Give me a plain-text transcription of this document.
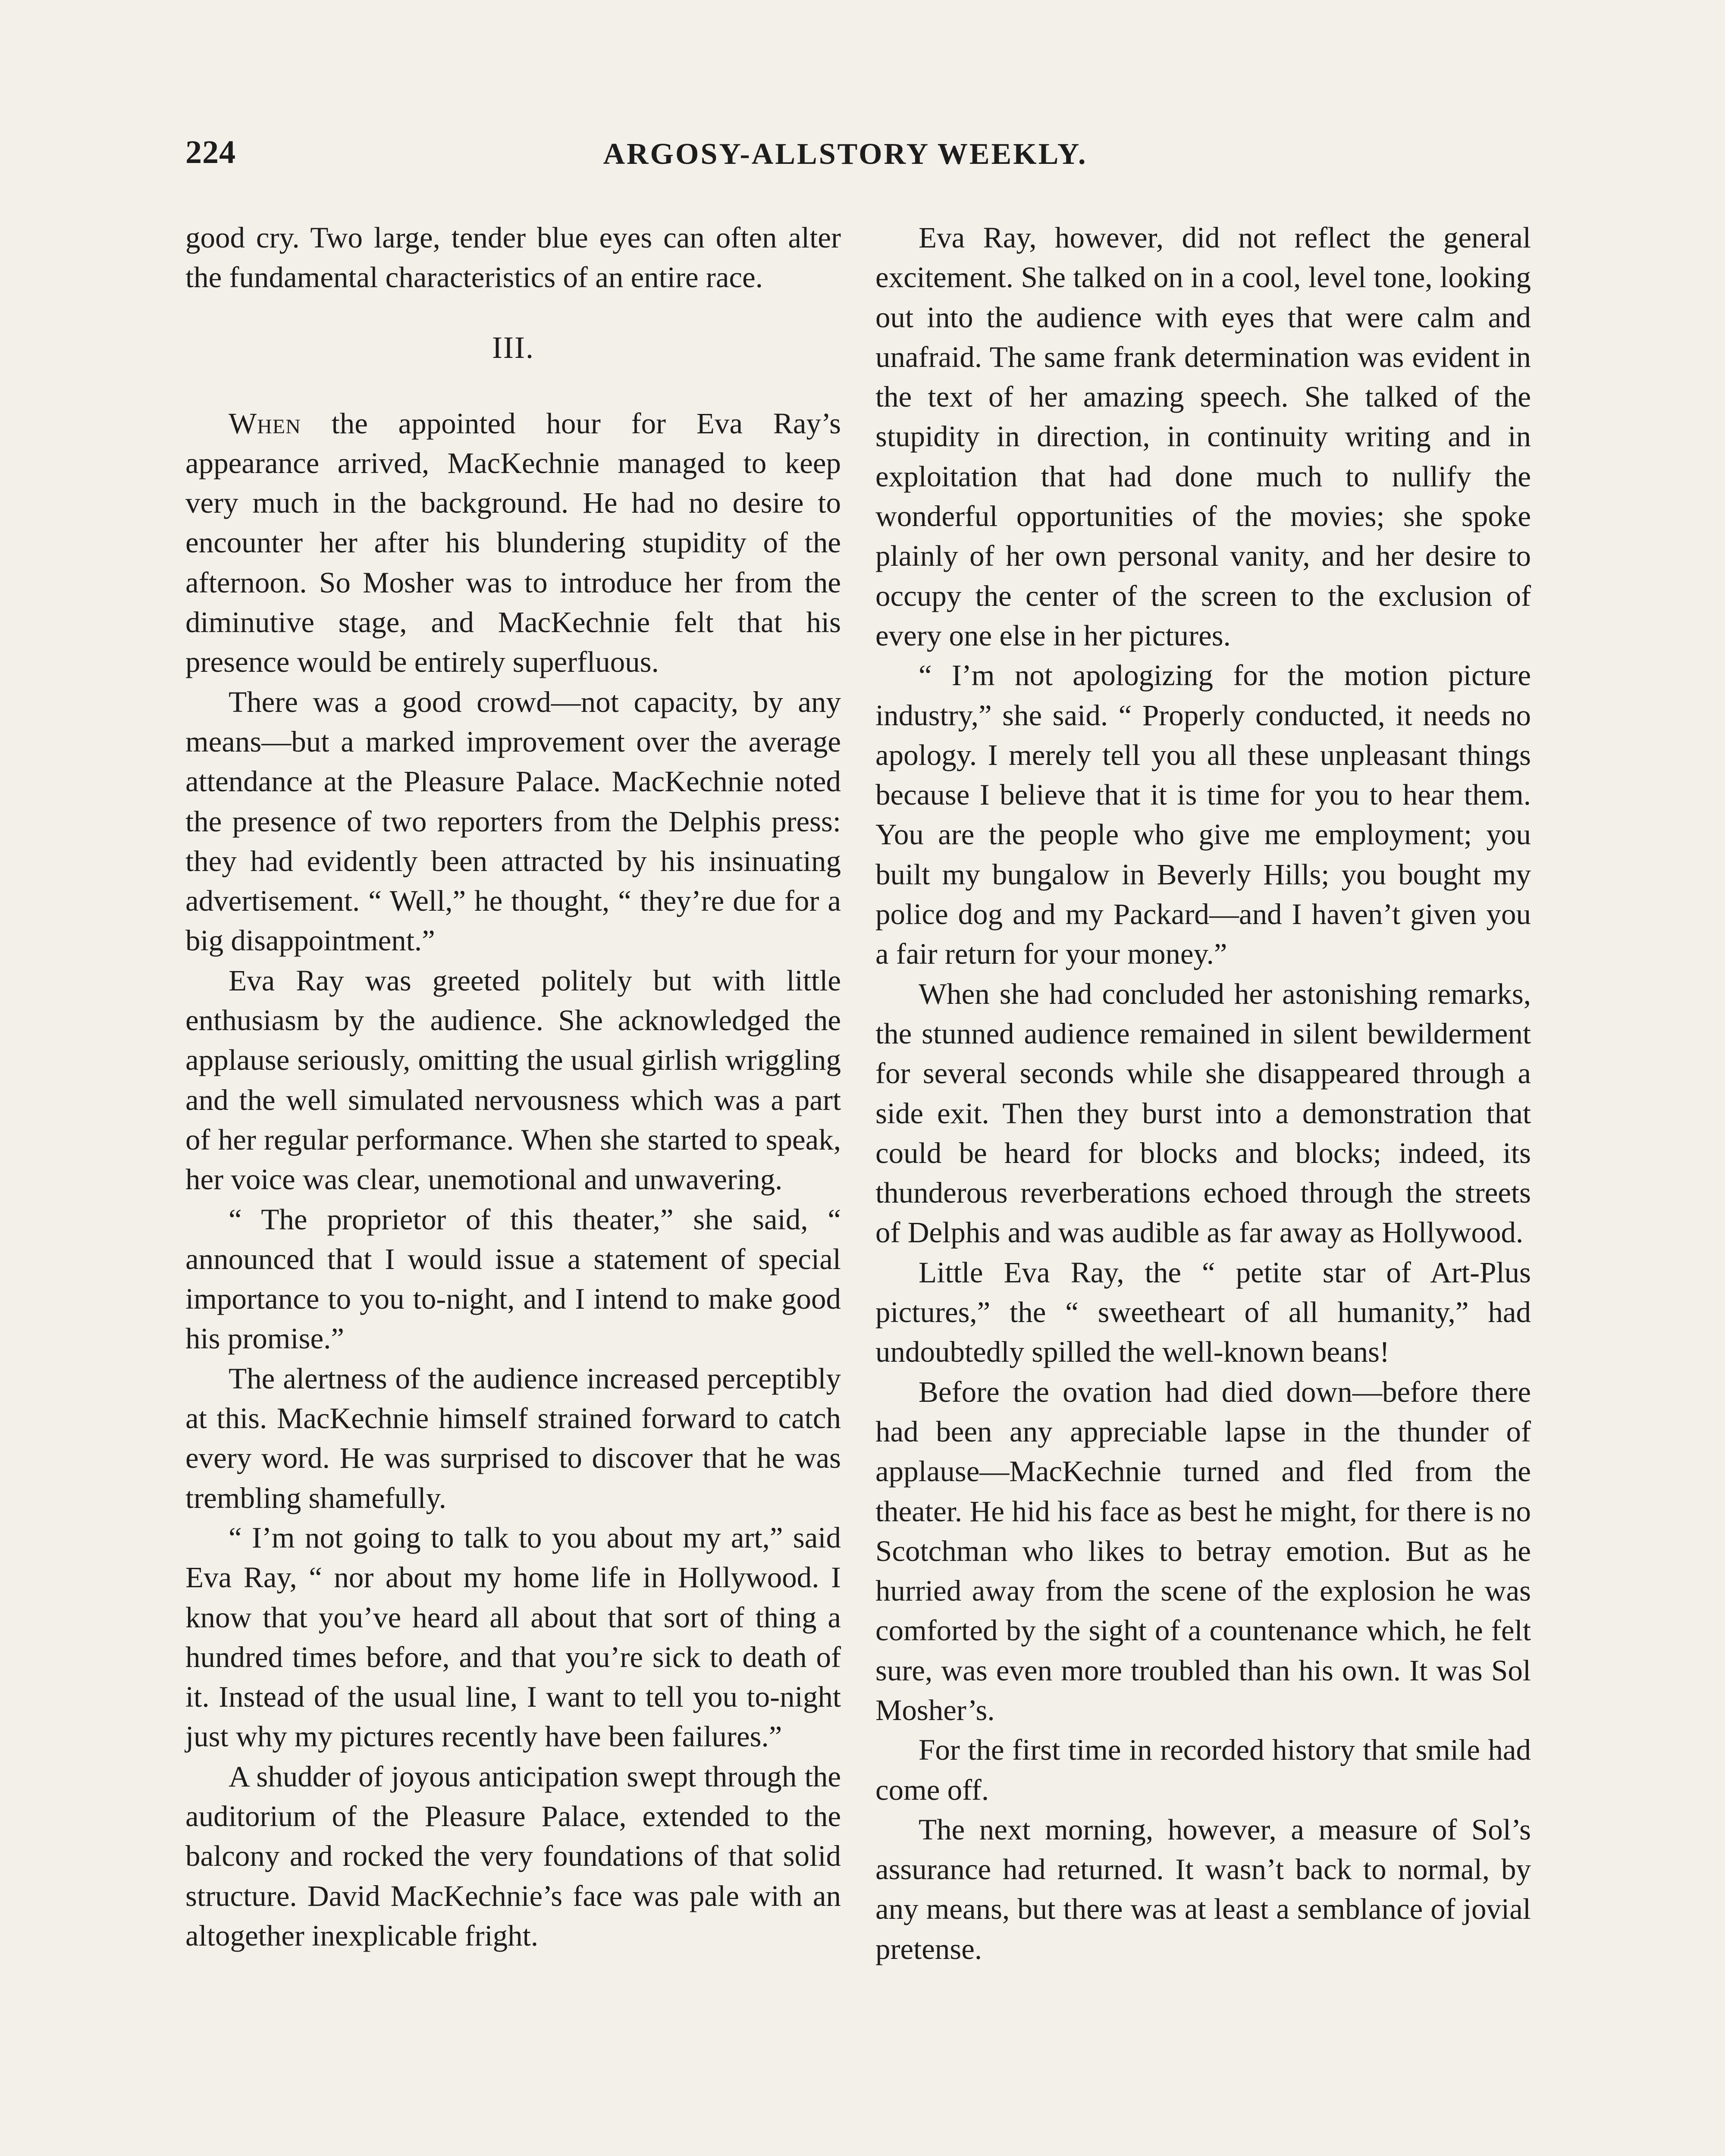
224	ARGOSY-ALLSTORY WEEKLY.

good cry. Two large, tender blue eyes can often alter the fundamental characteristics of an entire race.

III.

When the appointed hour for Eva Ray’s appearance arrived, MacKechnie managed to keep very much in the background. He had no desire to encounter her after his blundering stupidity of the afternoon. So Mosher was to introduce her from the diminutive stage, and MacKechnie felt that his presence would be entirely superfluous.

There was a good crowd—not capacity, by any means—but a marked improvement over the average attendance at the Pleasure Palace. MacKechnie noted the presence of two reporters from the Delphis press: they had evidently been attracted by his insinuating advertisement. “ Well,” he thought, “ they’re due for a big disappointment.”

Eva Ray was greeted politely but with little enthusiasm by the audience. She acknowledged the applause seriously, omitting the usual girlish wriggling and the well simulated nervousness which was a part of her regular performance. When she started to speak, her voice was clear, unemotional and unwavering.

“ The proprietor of this theater,” she said, “ announced that I would issue a statement of special importance to you to-night, and I intend to make good his promise.”

The alertness of the audience increased perceptibly at this. MacKechnie himself strained forward to catch every word. He was surprised to discover that he was trembling shamefully.

“ I’m not going to talk to you about my art,” said Eva Ray, “ nor about my home life in Hollywood. I know that you’ve heard all about that sort of thing a hundred times before, and that you’re sick to death of it. Instead of the usual line, I want to tell you to-night just why my pictures recently have been failures.”

A shudder of joyous anticipation swept through the auditorium of the Pleasure Palace, extended to the balcony and rocked the very foundations of that solid structure. David MacKechnie’s face was pale with an altogether inexplicable fright.

Eva Ray, however, did not reflect the general excitement. She talked on in a cool, level tone, looking out into the audience with eyes that were calm and unafraid. The same frank determination was evident in the text of her amazing speech. She talked of the stupidity in direction, in continuity writing and in exploitation that had done much to nullify the wonderful opportunities of the movies; she spoke plainly of her own personal vanity, and her desire to occupy the center of the screen to the exclusion of every one else in her pictures.

“ I’m not apologizing for the motion picture industry,” she said. “ Properly conducted, it needs no apology. I merely tell you all these unpleasant things because I believe that it is time for you to hear them. You are the people who give me employment; you built my bungalow in Beverly Hills; you bought my police dog and my Packard—and I haven’t given you a fair return for your money.”

When she had concluded her astonishing remarks, the stunned audience remained in silent bewilderment for several seconds while she disappeared through a side exit. Then they burst into a demonstration that could be heard for blocks and blocks; indeed, its thunderous reverberations echoed through the streets of Delphis and was audible as far away as Hollywood.

Little Eva Ray, the “ petite star of Art-Plus pictures,” the “ sweetheart of all humanity,” had undoubtedly spilled the well-known beans!

Before the ovation had died down—before there had been any appreciable lapse in the thunder of applause—MacKechnie turned and fled from the theater. He hid his face as best he might, for there is no Scotchman who likes to betray emotion. But as he hurried away from the scene of the explosion he was comforted by the sight of a countenance which, he felt sure, was even more troubled than his own. It was Sol Mosher’s.

For the first time in recorded history that smile had come off.

The next morning, however, a measure of Sol’s assurance had returned. It wasn’t back to normal, by any means, but there was at least a semblance of jovial pretense.
